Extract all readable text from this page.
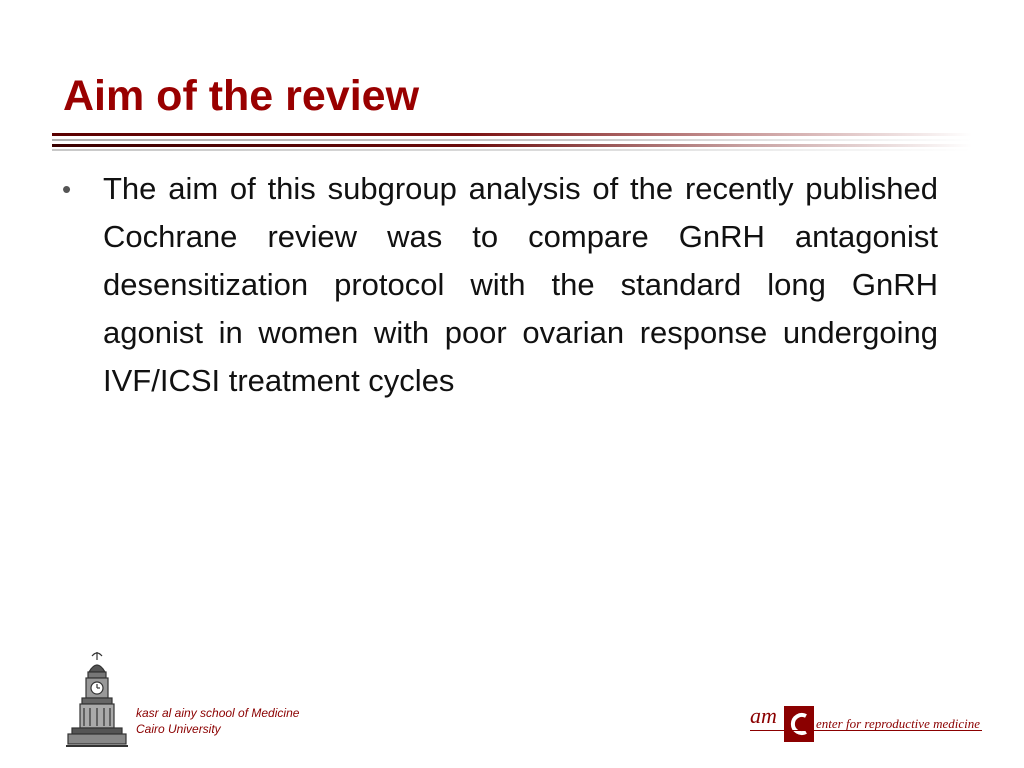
Aim of the review
•	The aim of this subgroup analysis of the recently published Cochrane review was to compare GnRH antagonist desensitization protocol with the standard long GnRH agonist in women with poor ovarian response undergoing IVF/ICSI treatment cycles
kasr al ainy school of Medicine
Cairo University
am	enter for reproductive medicine
